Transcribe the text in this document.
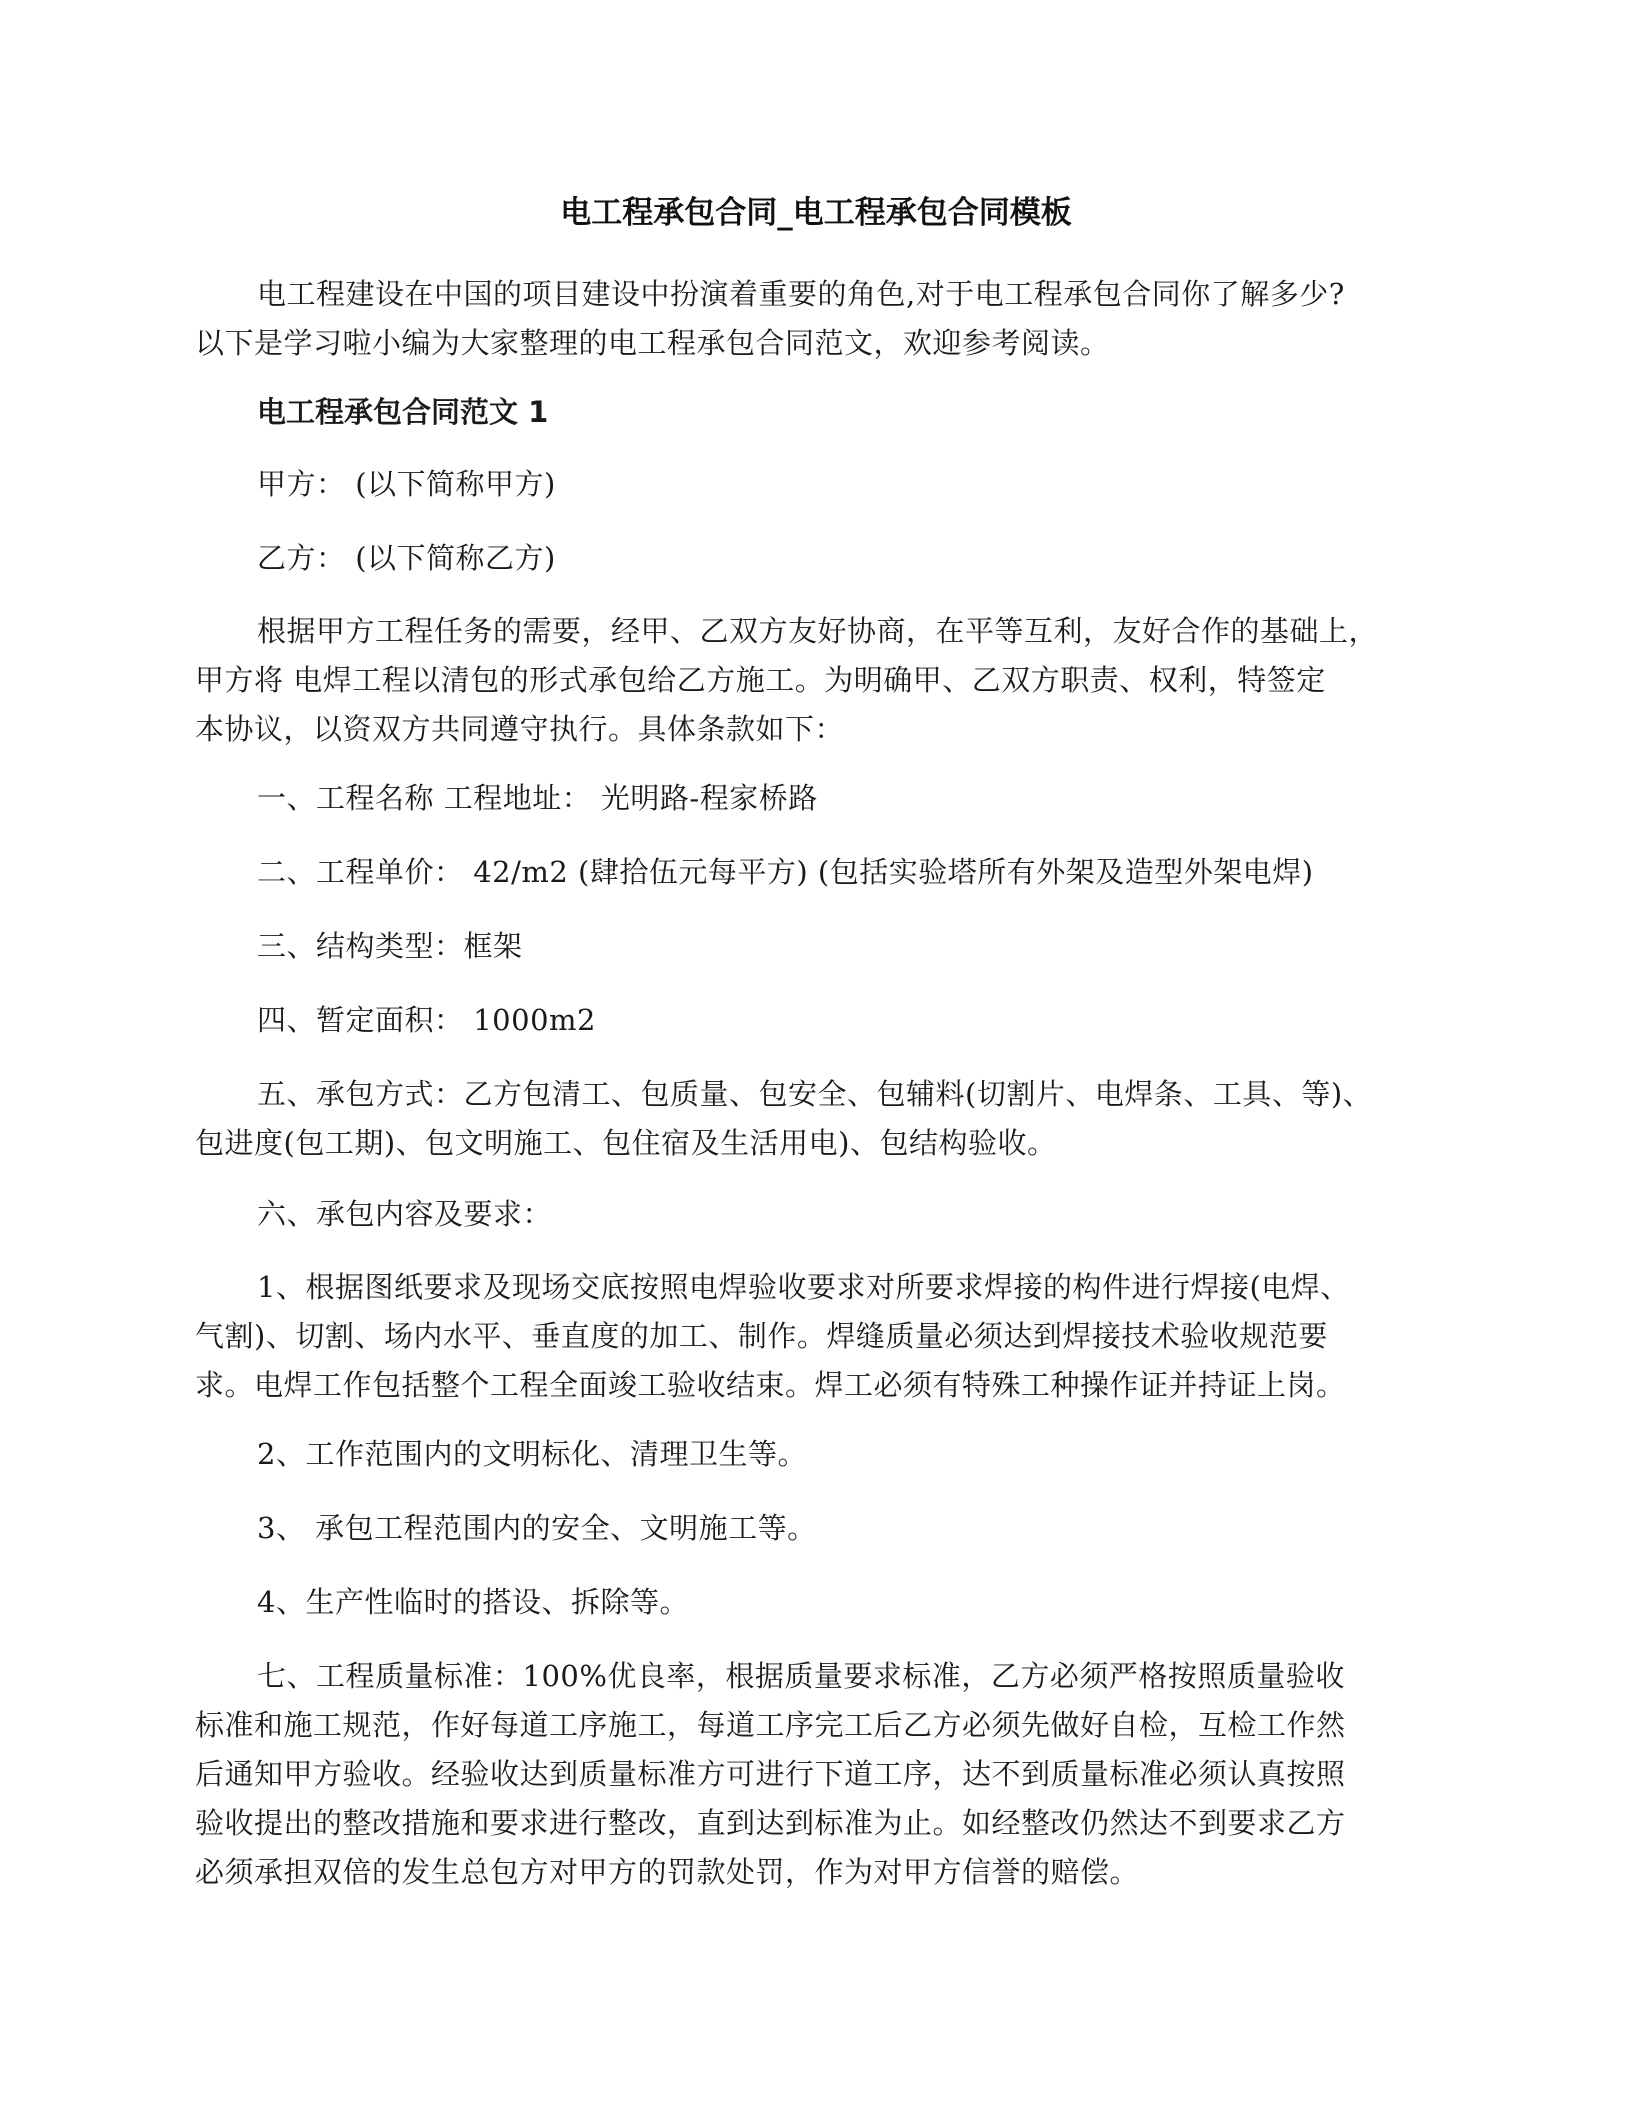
电工程承包合同_电工程承包合同模板
电工程建设在中国的项目建设中扮演着重要的角色,对于电工程承包合同你了解多少?
以下是学习啦小编为大家整理的电工程承包合同范文，欢迎参考阅读。
电工程承包合同范文 1
甲方： (以下简称甲方)
乙方： (以下简称乙方)
根据甲方工程任务的需要，经甲、乙双方友好协商，在平等互利，友好合作的基础上，
甲方将 电焊工程以清包的形式承包给乙方施工。为明确甲、乙双方职责、权利，特签定
本协议，以资双方共同遵守执行。具体条款如下：
一、工程名称 工程地址： 光明路-程家桥路
二、工程单价： 42/m2 (肆拾伍元每平方) (包括实验塔所有外架及造型外架电焊)
三、结构类型：框架
四、暂定面积： 1000m2
五、承包方式：乙方包清工、包质量、包安全、包辅料(切割片、电焊条、工具、等)、
包进度(包工期)、包文明施工、包住宿及生活用电)、包结构验收。
六、承包内容及要求：
1、根据图纸要求及现场交底按照电焊验收要求对所要求焊接的构件进行焊接(电焊、
气割)、切割、场内水平、垂直度的加工、制作。焊缝质量必须达到焊接技术验收规范要
求。电焊工作包括整个工程全面竣工验收结束。焊工必须有特殊工种操作证并持证上岗。
2、工作范围内的文明标化、清理卫生等。
3、 承包工程范围内的安全、文明施工等。
4、生产性临时的搭设、拆除等。
七、工程质量标准：100%优良率，根据质量要求标准，乙方必须严格按照质量验收
标准和施工规范，作好每道工序施工，每道工序完工后乙方必须先做好自检，互检工作然
后通知甲方验收。经验收达到质量标准方可进行下道工序，达不到质量标准必须认真按照
验收提出的整改措施和要求进行整改，直到达到标准为止。如经整改仍然达不到要求乙方
必须承担双倍的发生总包方对甲方的罚款处罚，作为对甲方信誉的赔偿。
